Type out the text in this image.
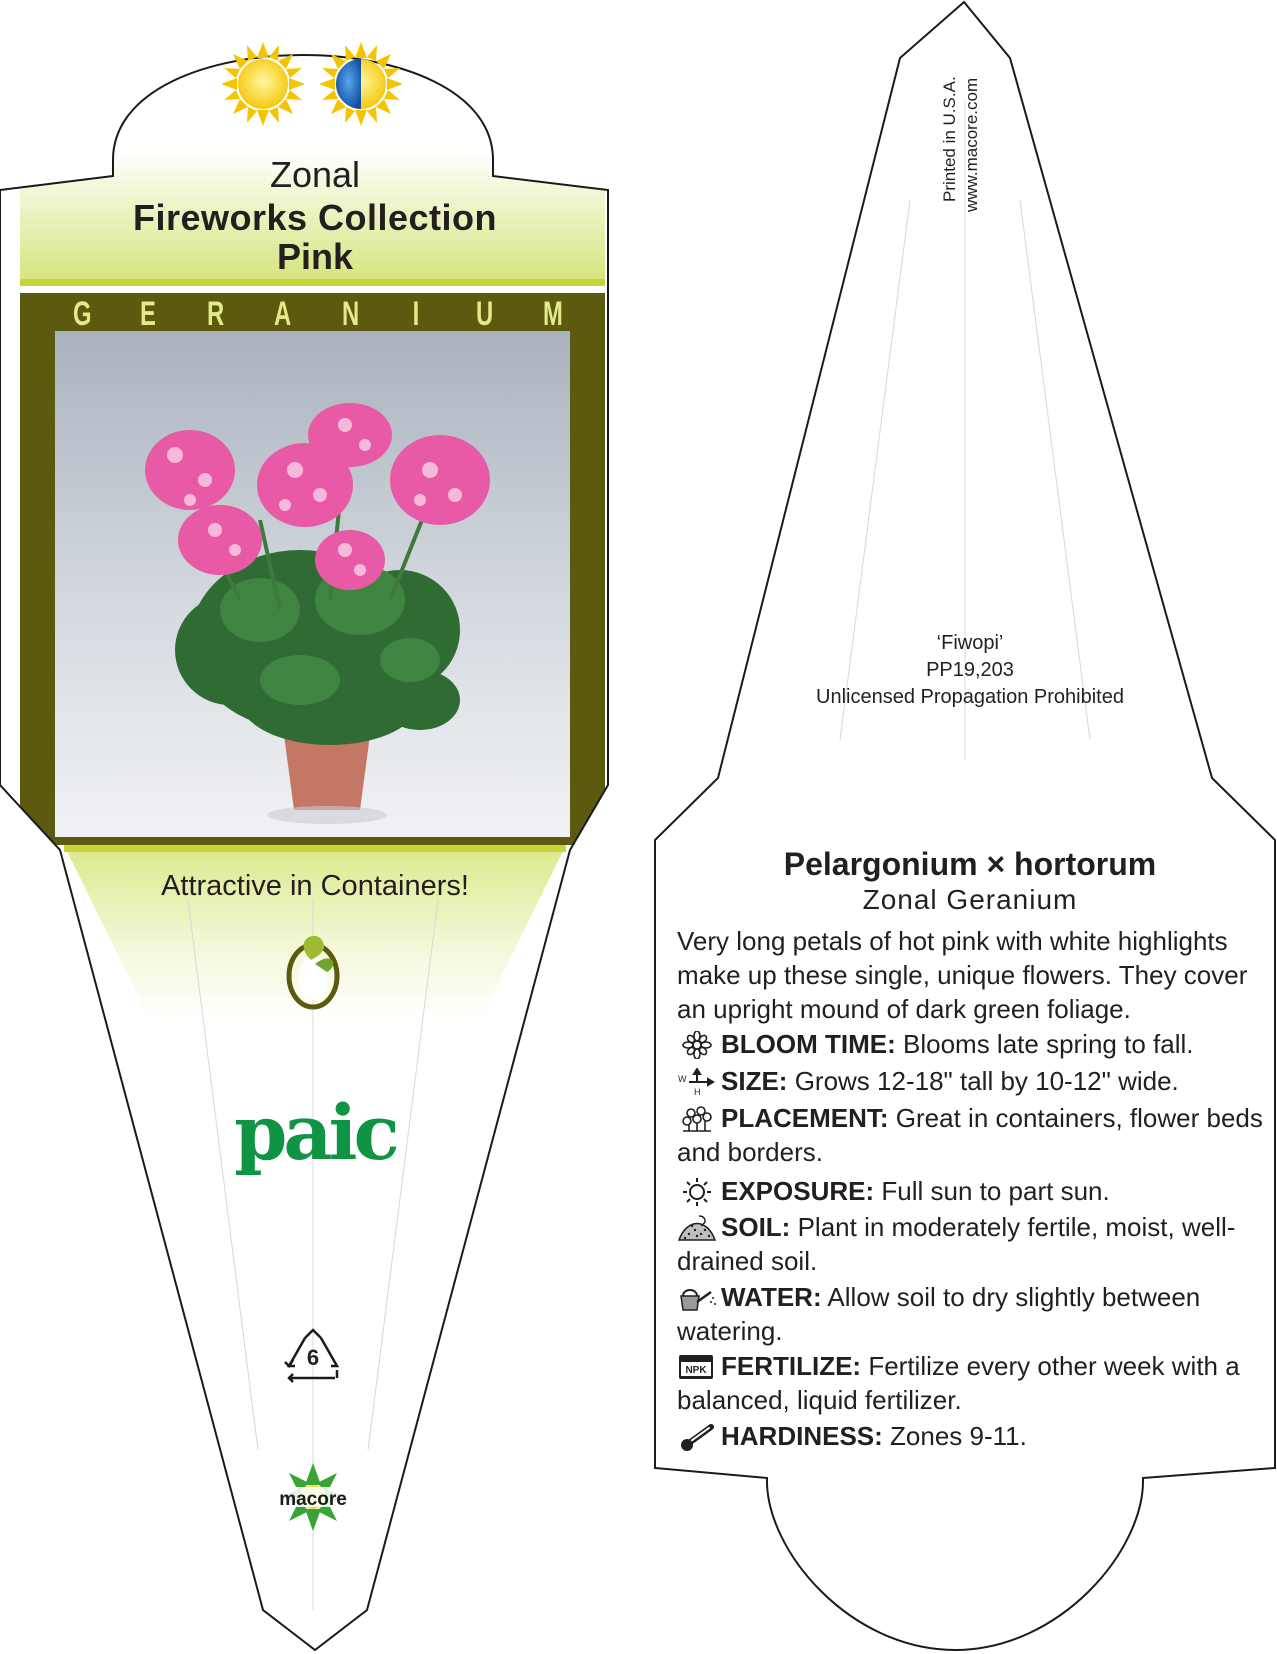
Zonal
Fireworks Collection
Pink
G E R A N I U M
Attractive in Containers!
paic
6
macore
Printed in U.S.A. www.macore.com
‘Fiwopi’
PP19,203
Unlicensed Propagation Prohibited
Pelargonium × hortorum
Zonal Geranium
Very long petals of hot pink with white highlights make up these single, unique flowers. They cover an upright mound of dark green foliage.
BLOOM TIME: Blooms late spring to fall.
W
H SIZE: Grows 12-18" tall by 10-12" wide.
PLACEMENT: Great in containers, flower beds and borders.
EXPOSURE: Full sun to part sun.
SOIL: Plant in moderately fertile, moist, well-drained soil.
WATER: Allow soil to dry slightly between watering.
NPK FERTILIZE: Fertilize every other week with a balanced, liquid fertilizer.
HARDINESS: Zones 9-11.
